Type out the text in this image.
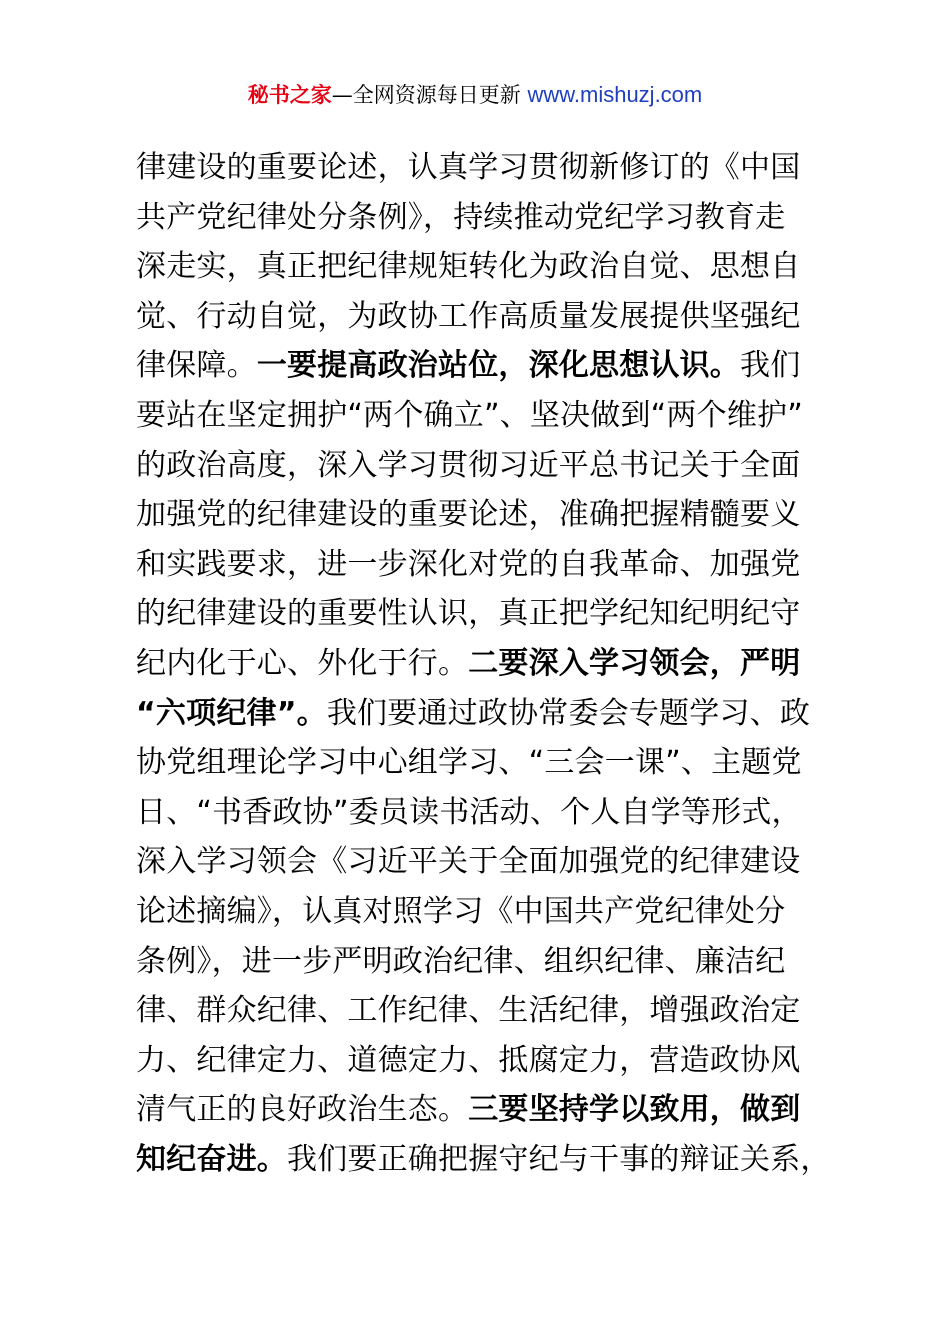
秘书之家—全网资源每日更新 www.mishuzj.com
律建设的重要论述，认真学习贯彻新修订的《中国
共产党纪律处分条例》，持续推动党纪学习教育走
深走实，真正把纪律规矩转化为政治自觉、思想自
觉、行动自觉，为政协工作高质量发展提供坚强纪
律保障。一要提高政治站位，深化思想认识。我们
要站在坚定拥护“两个确立”、坚决做到“两个维护”
的政治高度，深入学习贯彻习近平总书记关于全面
加强党的纪律建设的重要论述，准确把握精髓要义
和实践要求，进一步深化对党的自我革命、加强党
的纪律建设的重要性认识，真正把学纪知纪明纪守
纪内化于心、外化于行。二要深入学习领会，严明
“六项纪律”。我们要通过政协常委会专题学习、政
协党组理论学习中心组学习、“三会一课”、主题党
日、“书香政协”委员读书活动、个人自学等形式，
深入学习领会《习近平关于全面加强党的纪律建设
论述摘编》，认真对照学习《中国共产党纪律处分
条例》，进一步严明政治纪律、组织纪律、廉洁纪
律、群众纪律、工作纪律、生活纪律，增强政治定
力、纪律定力、道德定力、抵腐定力，营造政协风
清气正的良好政治生态。三要坚持学以致用，做到
知纪奋进。我们要正确把握守纪与干事的辩证关系，
